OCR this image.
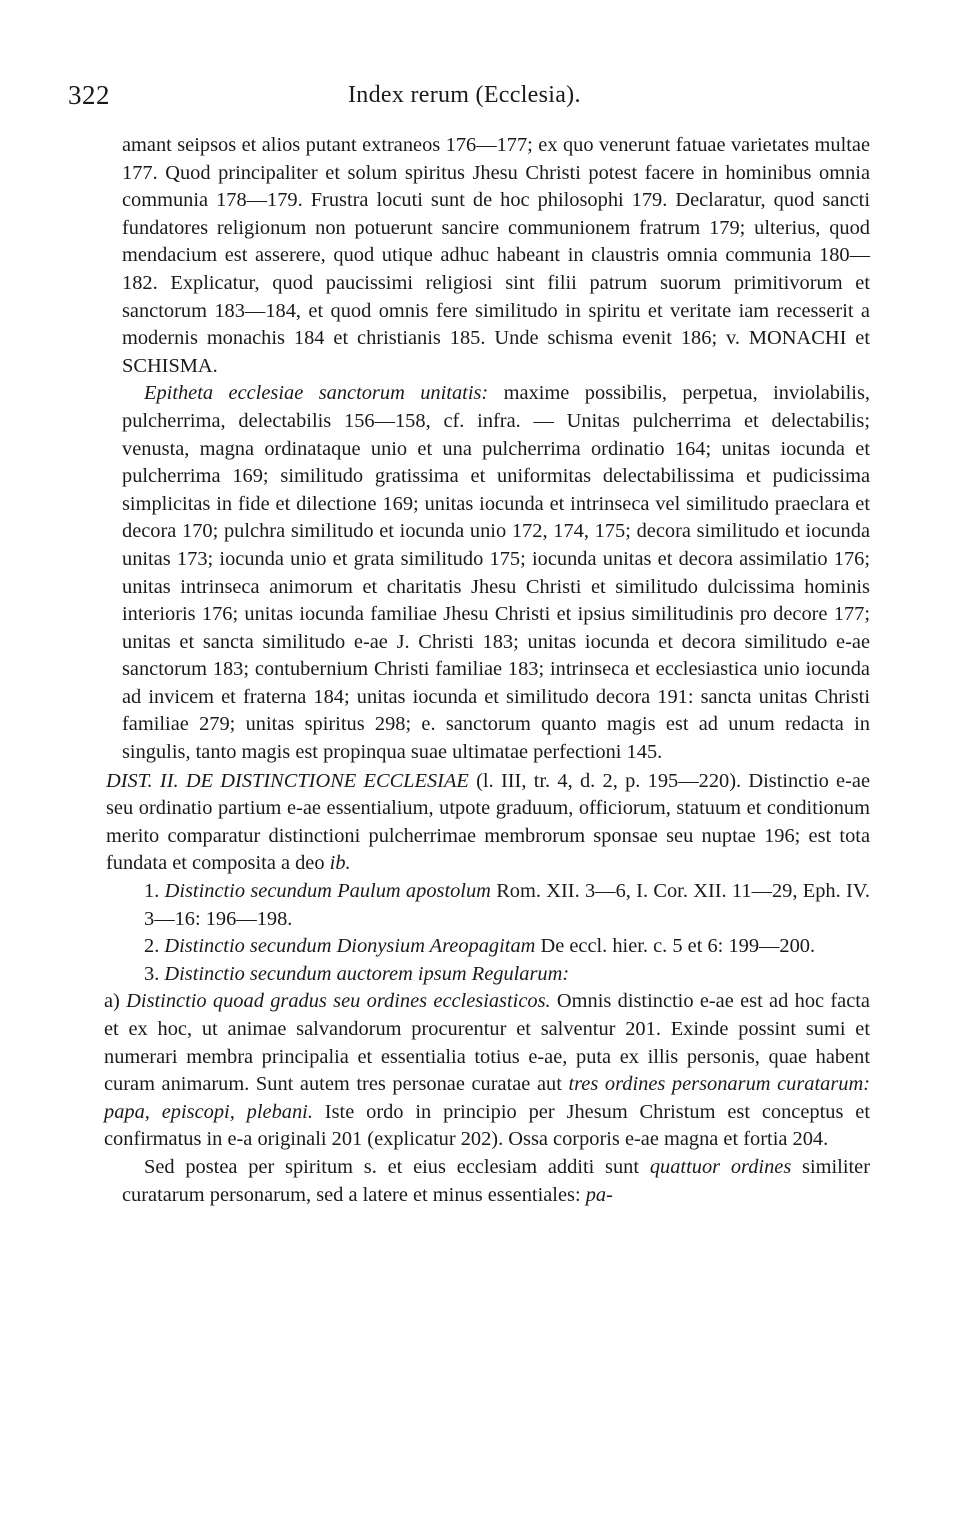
322	Index rerum (Ecclesia).

amant seipsos et alios putant extraneos 176—177; ex quo venerunt fatuae varietates multae 177. Quod principaliter et solum spiritus Jhesu Christi potest facere in hominibus omnia communia 178—179. Frustra locuti sunt de hoc philosophi 179. Declaratur, quod sancti fundatores religionum non potuerunt sancire communionem fratrum 179; ulterius, quod mendacium est asserere, quod utique adhuc habeant in claustris omnia communia 180—182. Explicatur, quod paucissimi religiosi sint filii patrum suorum primitivorum et sanctorum 183—184, et quod omnis fere similitudo in spiritu et veritate iam recesserit a modernis monachis 184 et christianis 185. Unde schisma evenit 186; v. MONACHI et SCHISMA.

Epitheta ecclesiae sanctorum unitatis: maxime possibilis, perpetua, inviolabilis, pulcherrima, delectabilis 156—158, cf. infra. — Unitas pulcherrima et delectabilis; venusta, magna ordinataque unio et una pulcherrima ordinatio 164; unitas iocunda et pulcherrima 169; similitudo gratissima et uniformitas delectabilissima et pudicissima simplicitas in fide et dilectione 169; unitas iocunda et intrinseca vel similitudo praeclara et decora 170; pulchra similitudo et iocunda unio 172, 174, 175; decora similitudo et iocunda unitas 173; iocunda unio et grata similitudo 175; iocunda unitas et decora assimilatio 176; unitas intrinseca animorum et charitatis Jhesu Christi et similitudo dulcissima hominis interioris 176; unitas iocunda familiae Jhesu Christi et ipsius similitudinis pro decore 177; unitas et sancta similitudo e-ae J. Christi 183; unitas iocunda et decora similitudo e-ae sanctorum 183; contubernium Christi familiae 183; intrinseca et ecclesiastica unio iocunda ad invicem et fraterna 184; unitas iocunda et similitudo decora 191: sancta unitas Christi familiae 279; unitas spiritus 298; e. sanctorum quanto magis est ad unum redacta in singulis, tanto magis est propinqua suae ultimatae perfectioni 145.

DIST. II. DE DISTINCTIONE ECCLESIAE (l. III, tr. 4, d. 2, p. 195—220). Distinctio e-ae seu ordinatio partium e-ae essentialium, utpote graduum, officiorum, statuum et conditionum merito comparatur distinctioni pulcherrimae membrorum sponsae seu nuptae 196; est tota fundata et composita a deo ib.

1. Distinctio secundum Paulum apostolum Rom. XII. 3—6, I. Cor. XII. 11—29, Eph. IV. 3—16: 196—198.

2. Distinctio secundum Dionysium Areopagitam De eccl. hier. c. 5 et 6: 199—200.

3. Distinctio secundum auctorem ipsum Regularum:

a) Distinctio quoad gradus seu ordines ecclesiasticos. Omnis distinctio e-ae est ad hoc facta et ex hoc, ut animae salvandorum procurentur et salventur 201. Exinde possint sumi et numerari membra principalia et essentialia totius e-ae, puta ex illis personis, quae habent curam animarum. Sunt autem tres personae curatae aut tres ordines personarum curatarum: papa, episcopi, plebani. Iste ordo in principio per Jhesum Christum est conceptus et confirmatus in e-a originali 201 (explicatur 202). Ossa corporis e-ae magna et fortia 204.

Sed postea per spiritum s. et eius ecclesiam additi sunt quattuor ordines similiter curatarum personarum, sed a latere et minus essentiales: pa-
